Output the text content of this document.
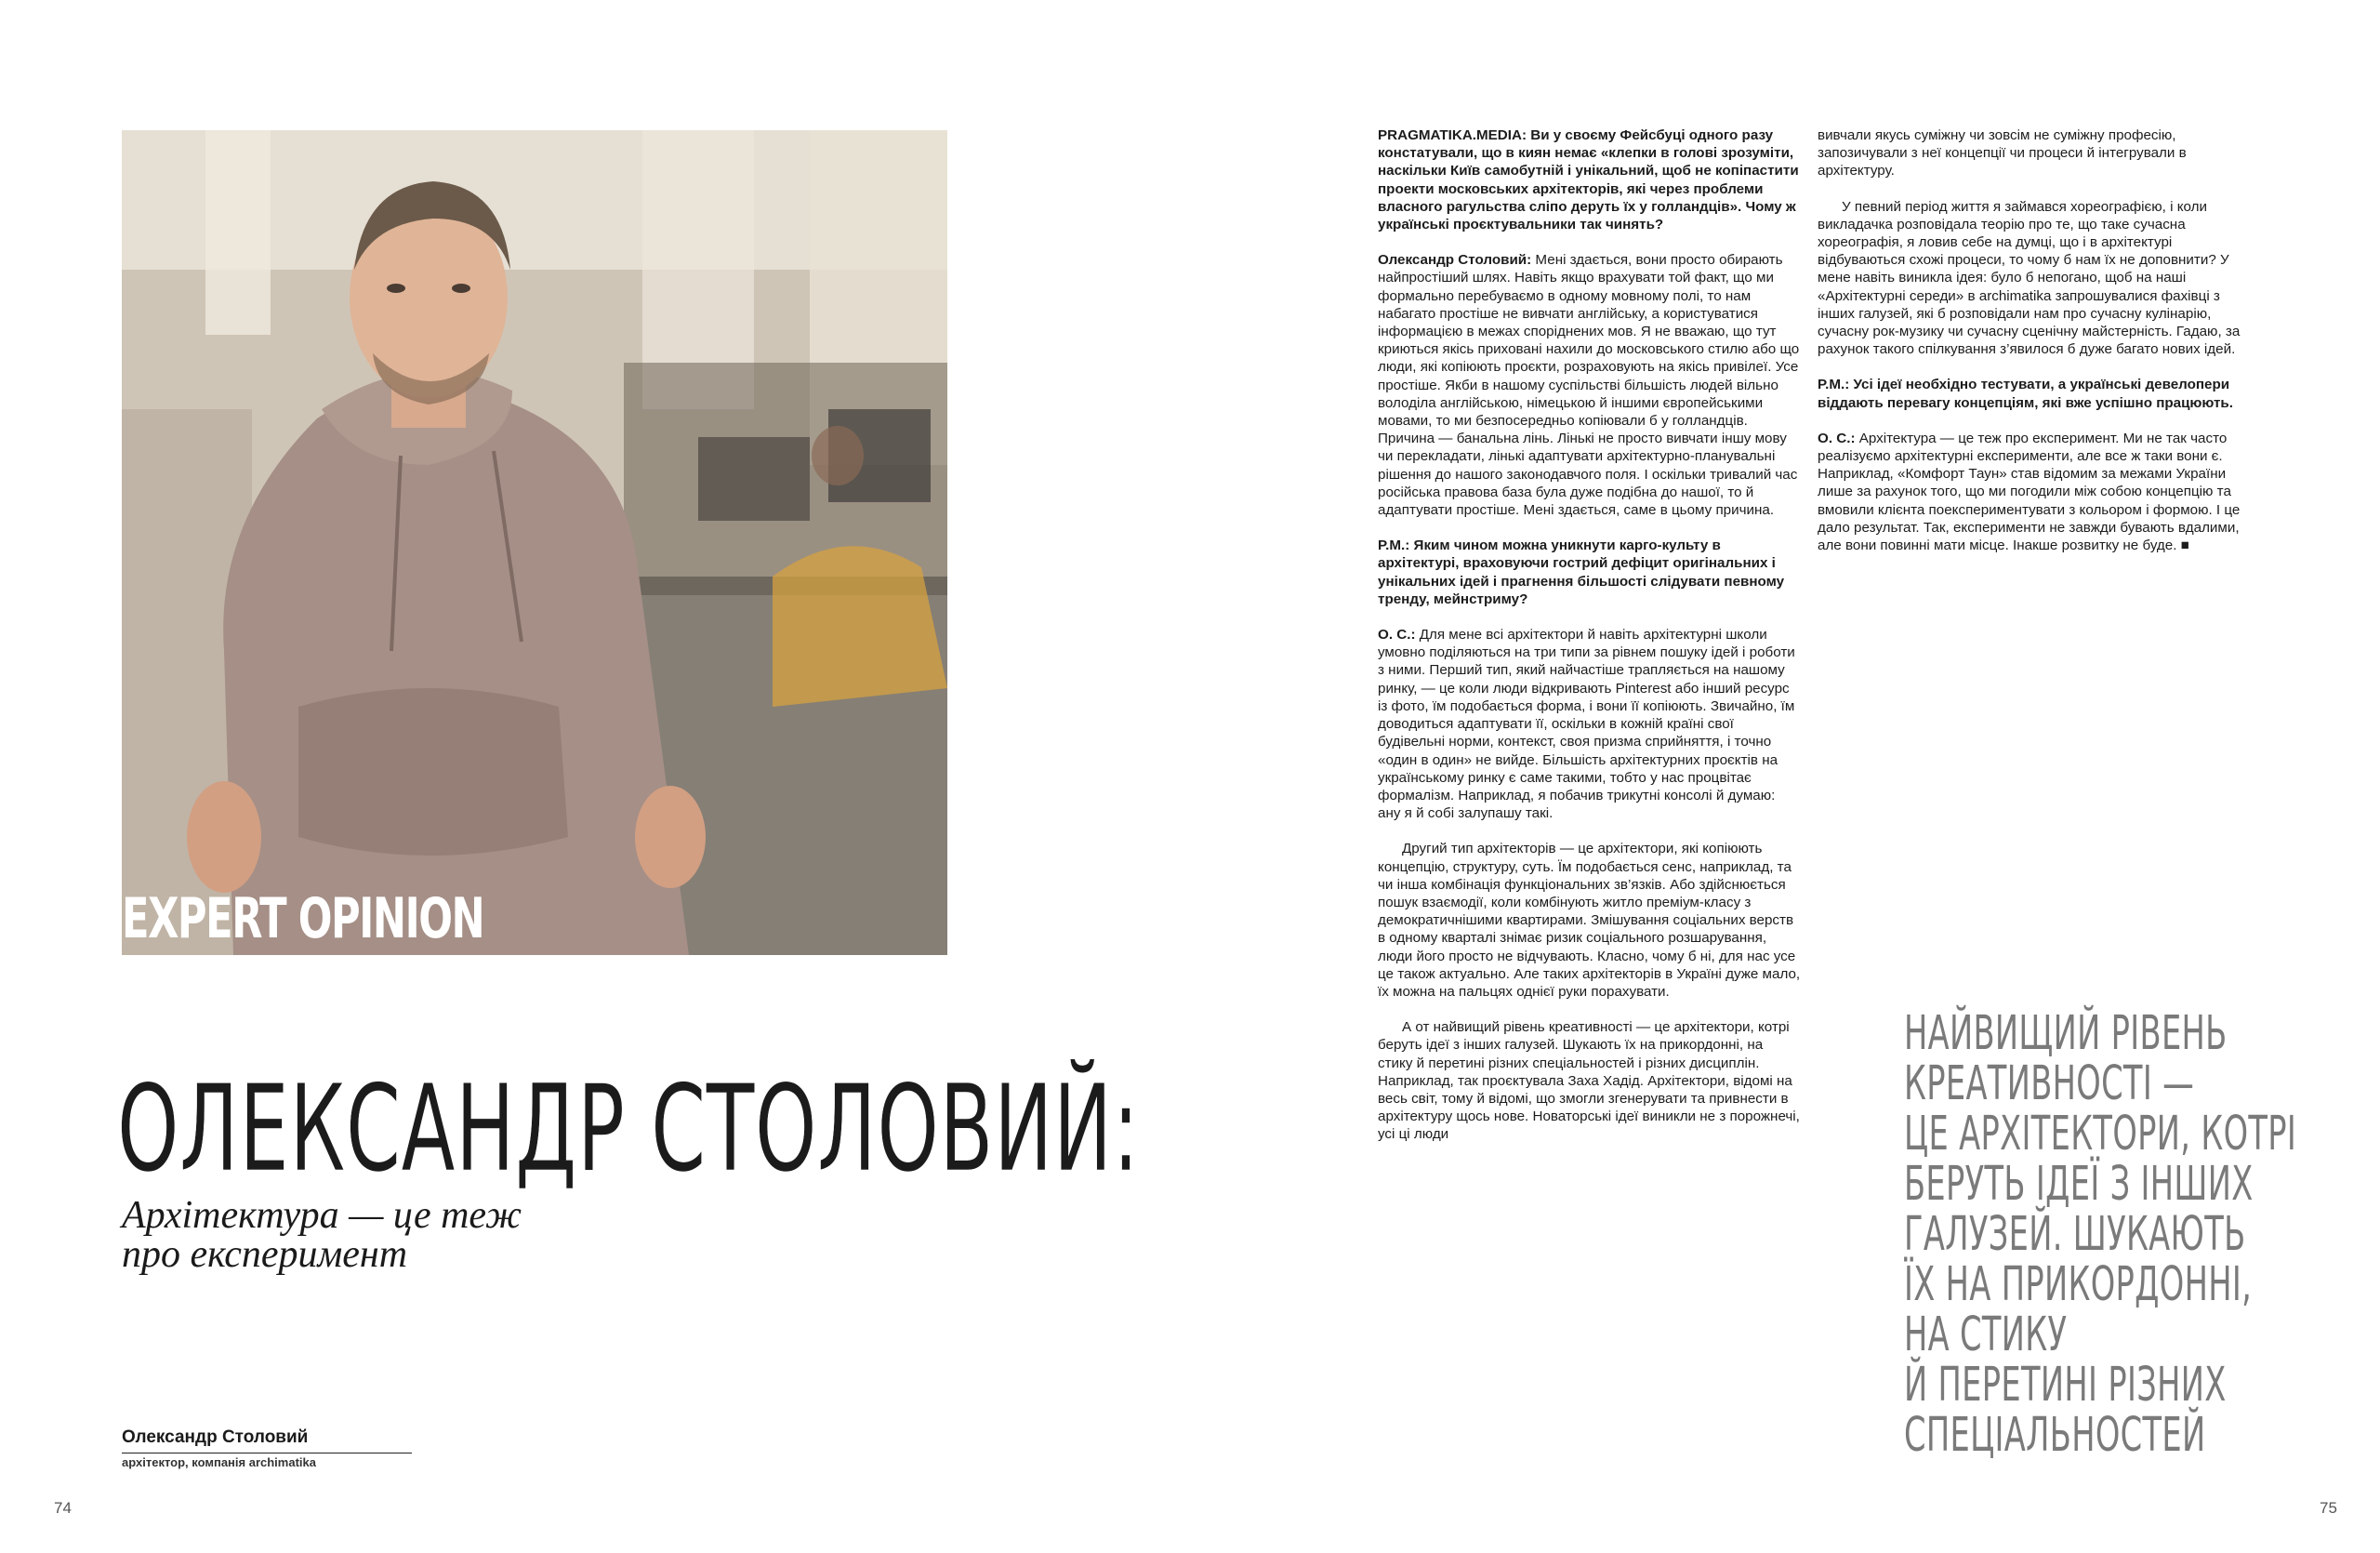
EXPERT OPINION

ОЛЕКСАНДР СТОЛОВИЙ:

Архітектура — це теж
про експеримент

Олександр Столовий

архітектор, компанія archimatika

74

PRAGMATIKA.MEDIA: Ви у своєму Фейсбуці одного разу констатували, що в киян немає «клепки в голові зрозуміти, наскільки Київ самобутній і унікальний, щоб не копіпастити проекти московських архітекторів, які через проблеми власного рагульства сліпо деруть їх у голландців». Чому ж українські проєктувальники так чинять?

Олександр Столовий: Мені здається, вони просто обирають найпростіший шлях. Навіть якщо врахувати той факт, що ми формально перебуваємо в одному мовному полі, то нам набагато простіше не вивчати англійську, а користуватися інформацією в межах споріднених мов. Я не вважаю, що тут криються якісь приховані нахили до московського стилю або що люди, які копіюють проєкти, розраховують на якісь привілеї. Усе простіше. Якби в нашому суспільстві більшість людей вільно володіла англійською, німецькою й іншими європейськими мовами, то ми безпосередньо копіювали б у голландців. Причина — банальна лінь. Лінькі не просто вивчати іншу мову чи перекладати, лінькі адаптувати архітектурно-планувальні рішення до нашого законодавчого поля. І оскільки тривалий час російська правова база була дуже подібна до нашої, то й адаптувати простіше. Мені здається, саме в цьому причина.

P.M.: Яким чином можна уникнути карго-культу в архітектурі, враховуючи гострий дефіцит оригінальних і унікальних ідей і прагнення більшості слідувати певному тренду, мейнстриму?

О. С.: Для мене всі архітектори й навіть архітектурні школи умовно поділяються на три типи за рівнем пошуку ідей і роботи з ними. Перший тип, який найчастіше трапляється на нашому ринку, — це коли люди відкривають Pinterest або інший ресурс із фото, їм подобається форма, і вони її копіюють. Звичайно, їм доводиться адаптувати її, оскільки в кожній країні свої будівельні норми, контекст, своя призма сприйняття, і точно «один в один» не вийде. Більшість архітектурних проєктів на українському ринку є саме такими, тобто у нас процвітає формалізм. Наприклад, я побачив трикутні консолі й думаю: ану я й собі залупашу такі.

Другий тип архітекторів — це архітектори, які копіюють концепцію, структуру, суть. Їм подобається сенс, наприклад, та чи інша комбінація функціональних зв’язків. Або здійснюється пошук взаємодії, коли комбінують житло преміум-класу з демократичнішими квартирами. Змішування соціальних верств в одному кварталі знімає ризик соціального розшарування, люди його просто не відчувають. Класно, чому б ні, для нас усе це також актуально. Але таких архітекторів в Україні дуже мало, їх можна на пальцях однієї руки порахувати.

А от найвищий рівень креативності — це архітектори, котрі беруть ідеї з інших галузей. Шукають їх на прикордонні, на стику й перетині різних спеціальностей і різних дисциплін. Наприклад, так проєктувала Заха Хадід. Архітектори, відомі на весь світ, тому й відомі, що змогли згенерувати та привнести в архітектуру щось нове. Новаторські ідеї виникли не з порожнечі, усі ці люди

вивчали якусь суміжну чи зовсім не суміжну професію, запозичували з неї концепції чи процеси й інтегрували в архітектуру.

У певний період життя я займався хореографією, і коли викладачка розповідала теорію про те, що таке сучасна хореографія, я ловив себе на думці, що і в архітектурі відбуваються схожі процеси, то чому б нам їх не доповнити? У мене навіть виникла ідея: було б непогано, щоб на наші «Архітектурні середи» в archimatika запрошувалися фахівці з інших галузей, які б розповідали нам про сучасну кулінарію, сучасну рок-музику чи сучасну сценічну майстерність. Гадаю, за рахунок такого спілкування з’явилося б дуже багато нових ідей.

P.M.: Усі ідеї необхідно тестувати, а українські девелопери віддають перевагу концепціям, які вже успішно працюють.

О. С.: Архітектура — це теж про експеримент. Ми не так часто реалізуємо архітектурні експерименти, але все ж таки вони є. Наприклад, «Комфорт Таун» став відомим за межами України лише за рахунок того, що ми погодили між собою концепцію та вмовили клієнта поекспериментувати з кольором і формою. І це дало результат. Так, експерименти не завжди бувають вдалими, але вони повинні мати місце. Інакше розвитку не буде. ■

НАЙВИЩИЙ РІВЕНЬ
КРЕАТИВНОСТІ —
ЦЕ АРХІТЕКТОРИ, КОТРІ
БЕРУТЬ ІДЕЇ З ІНШИХ
ГАЛУЗЕЙ. ШУКАЮТЬ
ЇХ НА ПРИКОРДОННІ,
НА СТИКУ
Й ПЕРЕТИНІ РІЗНИХ
СПЕЦІАЛЬНОСТЕЙ

75
